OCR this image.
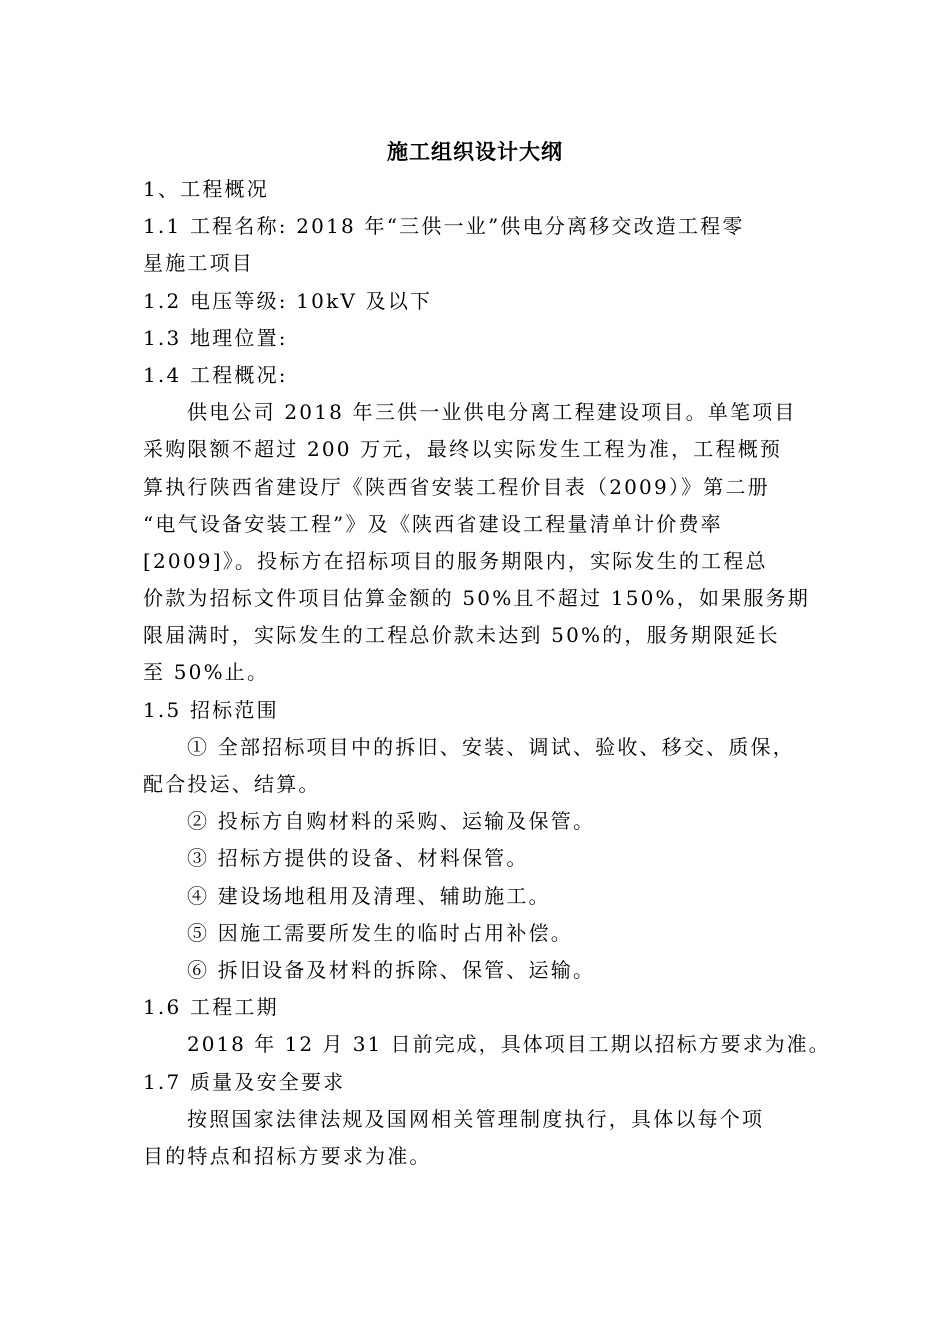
施工组织设计大纲
1、工程概况
1.1 工程名称: 2018 年“三供一业”供电分离移交改造工程零
星施工项目
1.2 电压等级: 10kV 及以下
1.3 地理位置:
1.4 工程概况:
供电公司 2018 年三供一业供电分离工程建设项目。单笔项目
采购限额不超过 200 万元，最终以实际发生工程为准，工程概预
算执行陕西省建设厅《陕西省安装工程价目表（2009）》第二册
“电气设备安装工程”》及《陕西省建设工程量清单计价费率
[2009]》。投标方在招标项目的服务期限内，实际发生的工程总
价款为招标文件项目估算金额的 50%且不超过 150%，如果服务期
限届满时，实际发生的工程总价款未达到 50%的，服务期限延长
至 50%止。
1.5 招标范围
① 全部招标项目中的拆旧、安装、调试、验收、移交、质保，
配合投运、结算。
② 投标方自购材料的采购、运输及保管。
③ 招标方提供的设备、材料保管。
④ 建设场地租用及清理、辅助施工。
⑤ 因施工需要所发生的临时占用补偿。
⑥ 拆旧设备及材料的拆除、保管、运输。
1.6 工程工期
2018 年 12 月 31 日前完成，具体项目工期以招标方要求为准。
1.7 质量及安全要求
按照国家法律法规及国网相关管理制度执行，具体以每个项
目的特点和招标方要求为准。
